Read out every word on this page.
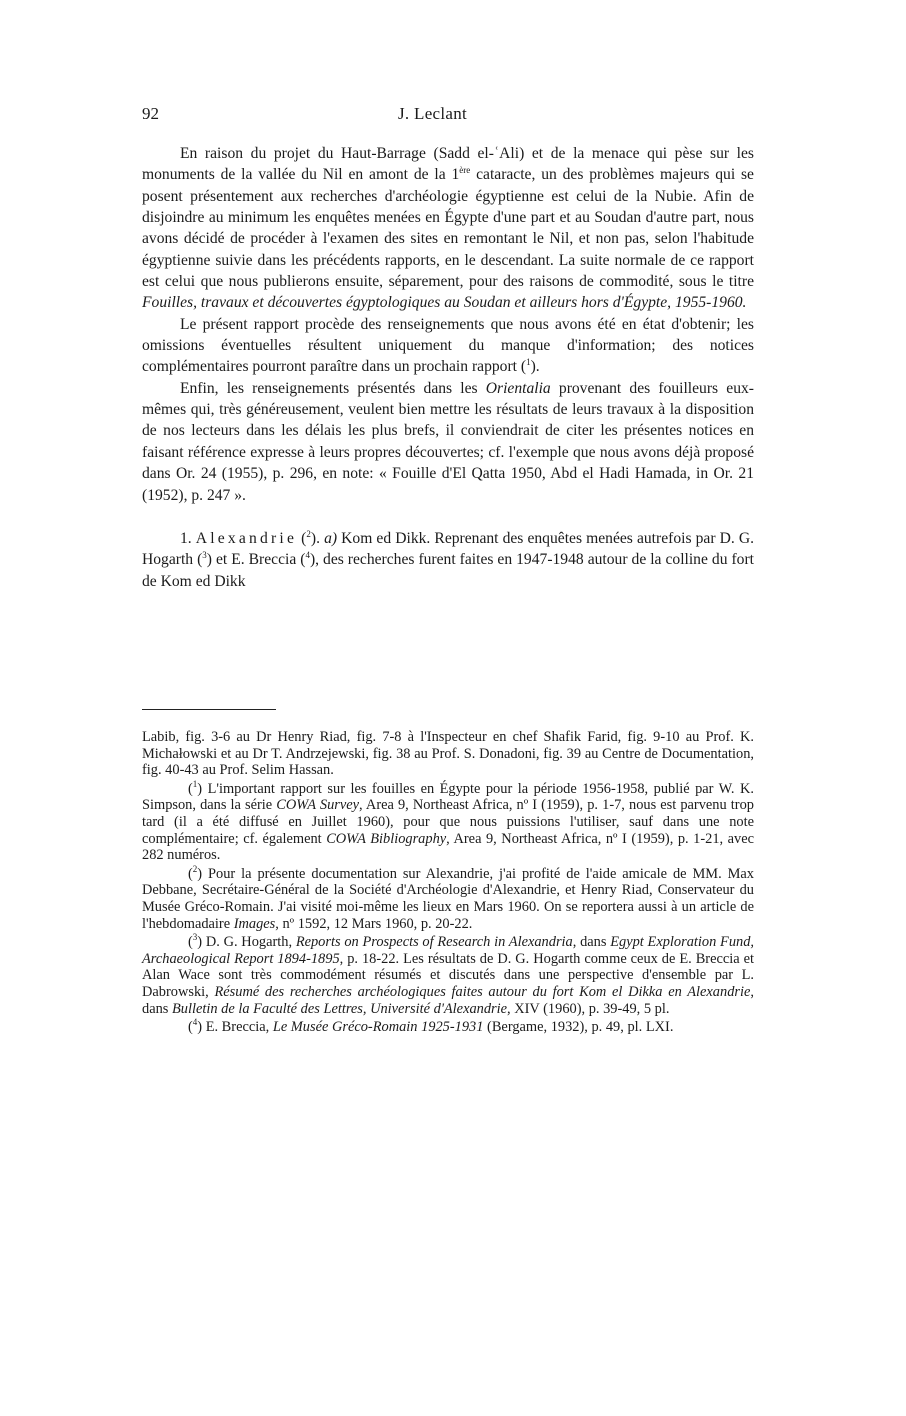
92	J. Leclant

En raison du projet du Haut-Barrage (Sadd el-ʿAli) et de la menace qui pèse sur les monuments de la vallée du Nil en amont de la 1ère cataracte, un des problèmes majeurs qui se posent présentement aux recherches d'archéologie égyptienne est celui de la Nubie. Afin de disjoindre au minimum les enquêtes menées en Égypte d'une part et au Soudan d'autre part, nous avons décidé de procéder à l'examen des sites en remontant le Nil, et non pas, selon l'habitude égyptienne suivie dans les précédents rapports, en le descendant. La suite normale de ce rapport est celui que nous publierons ensuite, séparement, pour des raisons de commodité, sous le titre Fouilles, travaux et découvertes égyptologiques au Soudan et ailleurs hors d'Égypte, 1955-1960.

Le présent rapport procède des renseignements que nous avons été en état d'obtenir; les omissions éventuelles résultent uniquement du manque d'information; des notices complémentaires pourront paraître dans un prochain rapport ($^1$).

Enfin, les renseignements présentés dans les Orientalia provenant des fouilleurs eux-mêmes qui, très généreusement, veulent bien mettre les résultats de leurs travaux à la disposition de nos lecteurs dans les délais les plus brefs, il conviendrait de citer les présentes notices en faisant référence expresse à leurs propres découvertes; cf. l'exemple que nous avons déjà proposé dans Or. 24 (1955), p. 296, en note: « Fouille d'El Qatta 1950, Abd el Hadi Hamada, in Or. 21 (1952), p. 247 ».

1. Alexandrie ($^2$). a) Kom ed Dikk. Reprenant des enquêtes menées autrefois par D. G. Hogarth ($^3$) et E. Breccia ($^4$), des recherches furent faites en 1947-1948 autour de la colline du fort de Kom ed Dikk

Labib, fig. 3-6 au Dr Henry Riad, fig. 7-8 à l'Inspecteur en chef Shafik Farid, fig. 9-10 au Prof. K. Michałowski et au Dr T. Andrzejewski, fig. 38 au Prof. S. Donadoni, fig. 39 au Centre de Documentation, fig. 40-43 au Prof. Selim Hassan.

($^1$) L'important rapport sur les fouilles en Égypte pour la période 1956-1958, publié par W. K. Simpson, dans la série COWA Survey, Area 9, Northeast Africa, nº I (1959), p. 1-7, nous est parvenu trop tard (il a été diffusé en Juillet 1960), pour que nous puissions l'utiliser, sauf dans une note complémentaire; cf. également COWA Bibliography, Area 9, Northeast Africa, nº I (1959), p. 1-21, avec 282 numéros.

($^2$) Pour la présente documentation sur Alexandrie, j'ai profité de l'aide amicale de MM. Max Debbane, Secrétaire-Général de la Société d'Archéologie d'Alexandrie, et Henry Riad, Conservateur du Musée Gréco-Romain. J'ai visité moi-même les lieux en Mars 1960. On se reportera aussi à un article de l'hebdomadaire Images, nº 1592, 12 Mars 1960, p. 20-22.

($^3$) D. G. Hogarth, Reports on Prospects of Research in Alexandria, dans Egypt Exploration Fund, Archaeological Report 1894-1895, p. 18-22. Les résultats de D. G. Hogarth comme ceux de E. Breccia et Alan Wace sont très commodément résumés et discutés dans une perspective d'ensemble par L. Dabrowski, Résumé des recherches archéologiques faites autour du fort Kom el Dikka en Alexandrie, dans Bulletin de la Faculté des Lettres, Université d'Alexandrie, XIV (1960), p. 39-49, 5 pl.

($^4$) E. Breccia, Le Musée Gréco-Romain 1925-1931 (Bergame, 1932), p. 49, pl. LXI.
